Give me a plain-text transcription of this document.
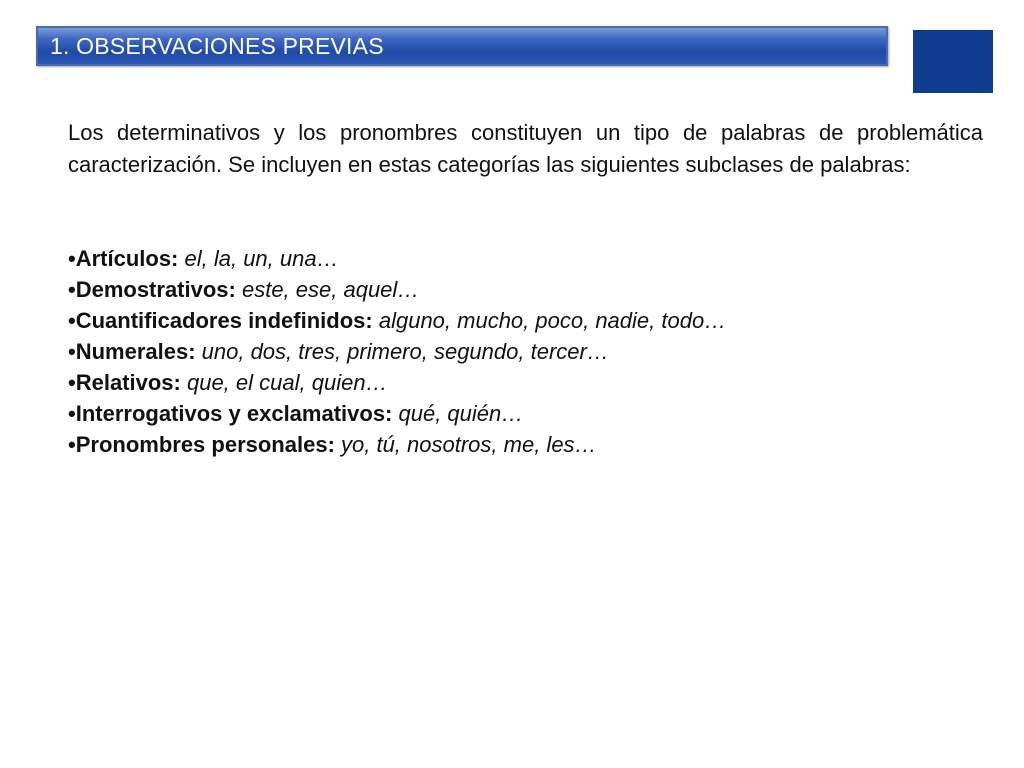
1. OBSERVACIONES PREVIAS

Los determinativos y los pronombres constituyen un tipo de palabras de problemática caracterización. Se incluyen en estas categorías las siguientes subclases de palabras:

•Artículos: el, la, un, una…
•Demostrativos: este, ese, aquel…
•Cuantificadores indefinidos: alguno, mucho, poco, nadie, todo…
•Numerales: uno, dos, tres, primero, segundo, tercer…
•Relativos: que, el cual, quien…
•Interrogativos y exclamativos: qué, quién…
•Pronombres personales: yo, tú, nosotros, me, les…
